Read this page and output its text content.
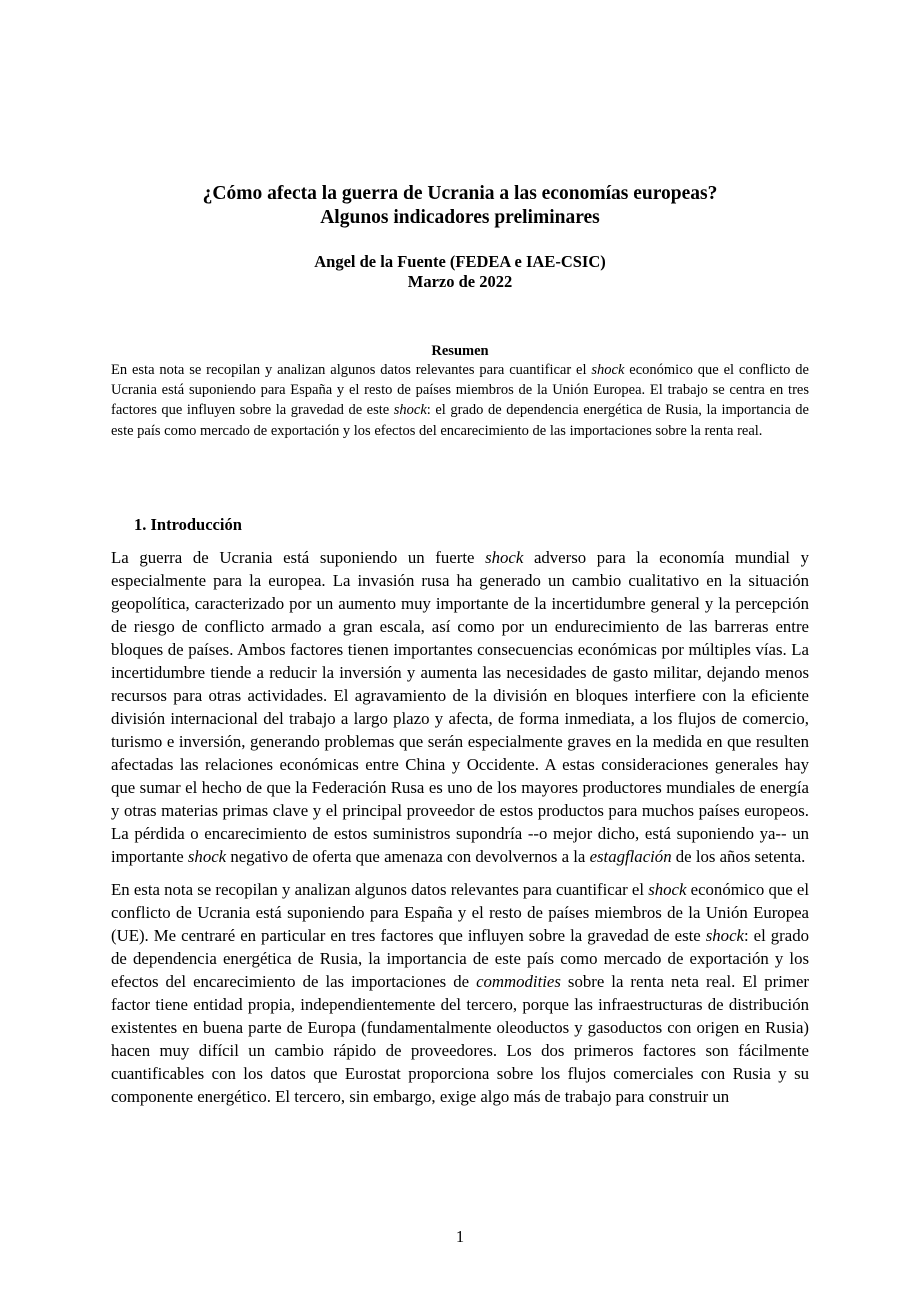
¿Cómo afecta la guerra de Ucrania a las economías europeas?
Algunos indicadores preliminares
Angel de la Fuente (FEDEA e IAE-CSIC)
Marzo de 2022
Resumen

En esta nota se recopilan y analizan algunos datos relevantes para cuantificar el shock económico que el conflicto de Ucrania está suponiendo para España y el resto de países miembros de la Unión Europea. El trabajo se centra en tres factores que influyen sobre la gravedad de este shock: el grado de dependencia energética de Rusia, la importancia de este país como mercado de exportación y los efectos del encarecimiento de las importaciones sobre la renta real.

1. Introducción

La guerra de Ucrania está suponiendo un fuerte shock adverso para la economía mundial y especialmente para la europea. La invasión rusa ha generado un cambio cualitativo en la situación geopolítica, caracterizado por un aumento muy importante de la incertidumbre general y la percepción de riesgo de conflicto armado a gran escala, así como por un endurecimiento de las barreras entre bloques de países. Ambos factores tienen importantes consecuencias económicas por múltiples vías. La incertidumbre tiende a reducir la inversión y aumenta las necesidades de gasto militar, dejando menos recursos para otras actividades. El agravamiento de la división en bloques interfiere con la eficiente división internacional del trabajo a largo plazo y afecta, de forma inmediata, a los flujos de comercio, turismo e inversión, generando problemas que serán especialmente graves en la medida en que resulten afectadas las relaciones económicas entre China y Occidente. A estas consideraciones generales hay que sumar el hecho de que la Federación Rusa es uno de los mayores productores mundiales de energía y otras materias primas clave y el principal proveedor de estos productos para muchos países europeos. La pérdida o encarecimiento de estos suministros supondría --o mejor dicho, está suponiendo ya-- un importante shock negativo de oferta que amenaza con devolvernos a la estagflación de los años setenta.

En esta nota se recopilan y analizan algunos datos relevantes para cuantificar el shock económico que el conflicto de Ucrania está suponiendo para España y el resto de países miembros de la Unión Europea (UE). Me centraré en particular en tres factores que influyen sobre la gravedad de este shock: el grado de dependencia energética de Rusia, la importancia de este país como mercado de exportación y los efectos del encarecimiento de las importaciones de commodities sobre la renta neta real. El primer factor tiene entidad propia, independientemente del tercero, porque las infraestructuras de distribución existentes en buena parte de Europa (fundamentalmente oleoductos y gasoductos con origen en Rusia) hacen muy difícil un cambio rápido de proveedores. Los dos primeros factores son fácilmente cuantificables con los datos que Eurostat proporciona sobre los flujos comerciales con Rusia y su componente energético. El tercero, sin embargo, exige algo más de trabajo para construir un

1
